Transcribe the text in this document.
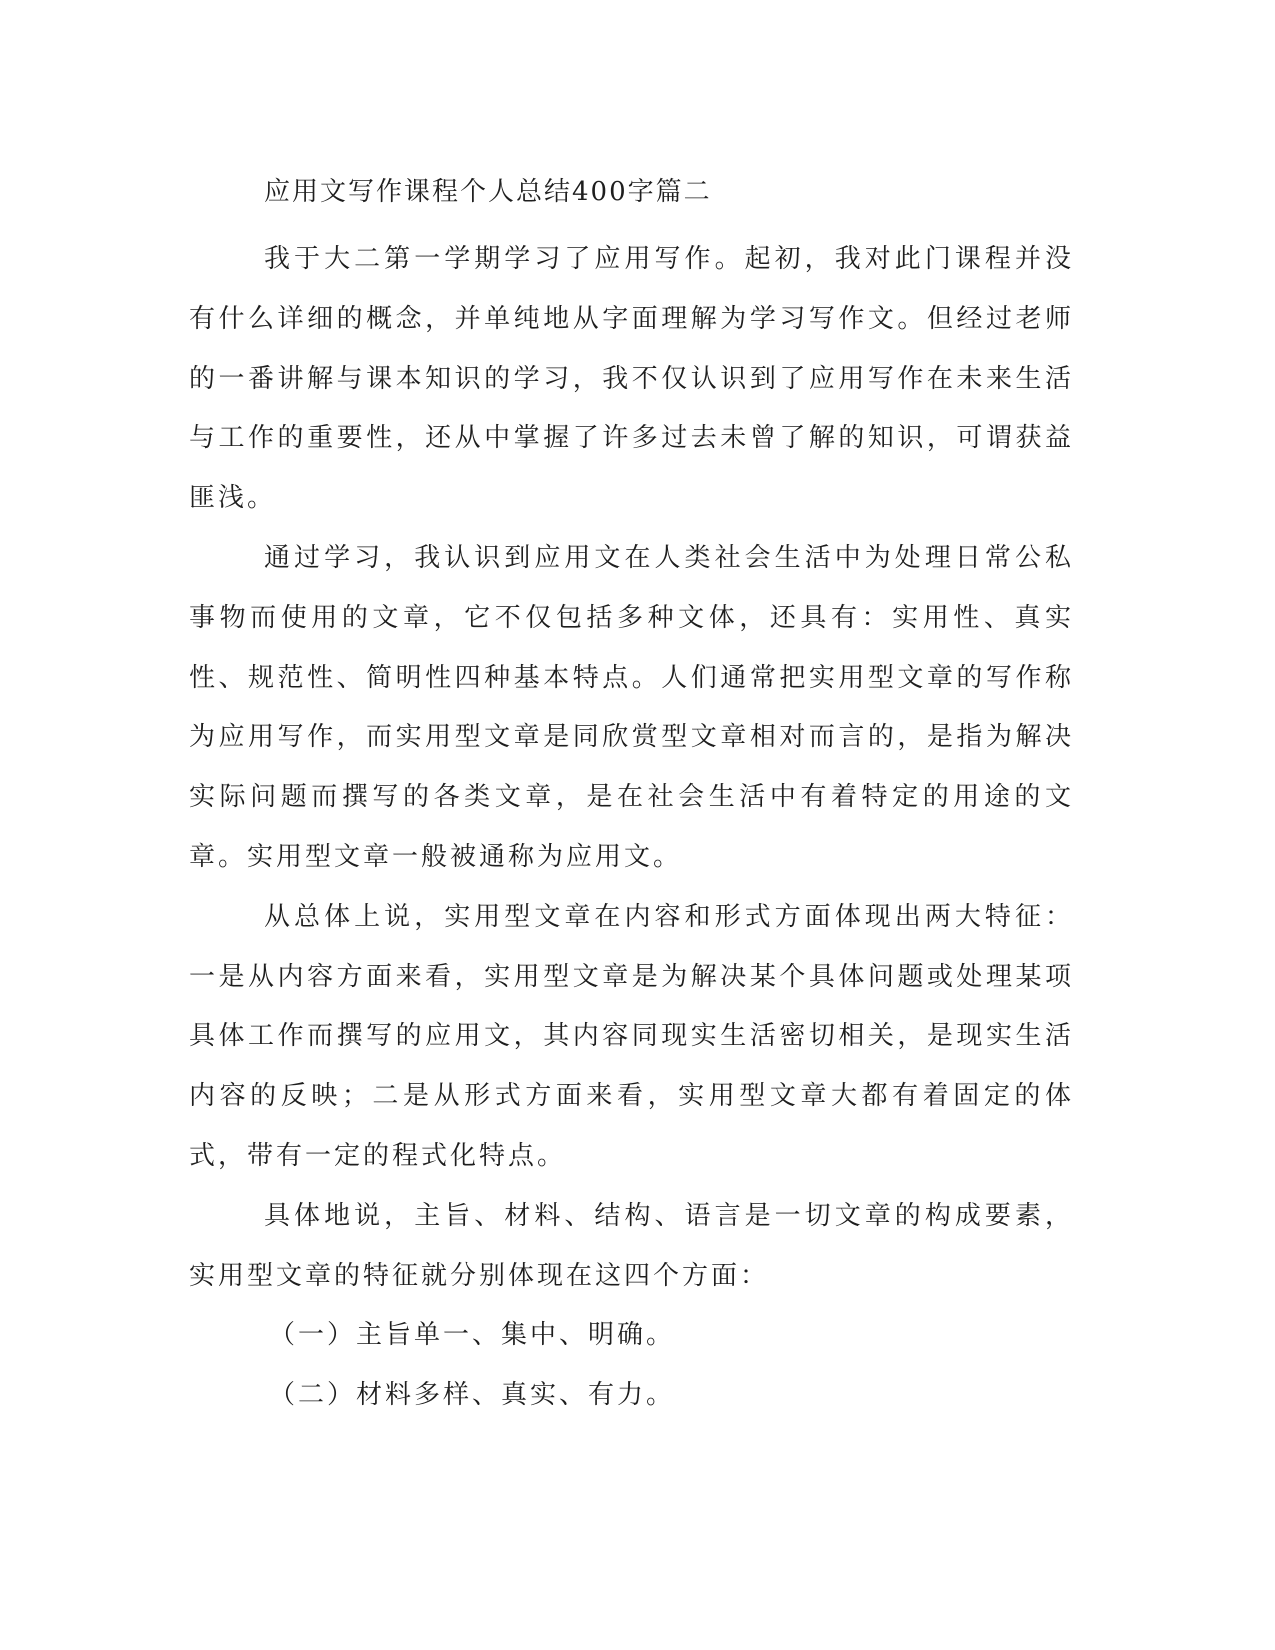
应用文写作课程个人总结400字篇二

我于大二第一学期学习了应用写作。起初，我对此门课程并没有什么详细的概念，并单纯地从字面理解为学习写作文。但经过老师的一番讲解与课本知识的学习，我不仅认识到了应用写作在未来生活与工作的重要性，还从中掌握了许多过去未曾了解的知识，可谓获益匪浅。

通过学习，我认识到应用文在人类社会生活中为处理日常公私事物而使用的文章，它不仅包括多种文体，还具有：实用性、真实性、规范性、简明性四种基本特点。人们通常把实用型文章的写作称为应用写作，而实用型文章是同欣赏型文章相对而言的，是指为解决实际问题而撰写的各类文章，是在社会生活中有着特定的用途的文章。实用型文章一般被通称为应用文。

从总体上说，实用型文章在内容和形式方面体现出两大特征：一是从内容方面来看，实用型文章是为解决某个具体问题或处理某项具体工作而撰写的应用文，其内容同现实生活密切相关，是现实生活内容的反映；二是从形式方面来看，实用型文章大都有着固定的体式，带有一定的程式化特点。

具体地说，主旨、材料、结构、语言是一切文章的构成要素，实用型文章的特征就分别体现在这四个方面：

（一）主旨单一、集中、明确。

（二）材料多样、真实、有力。
